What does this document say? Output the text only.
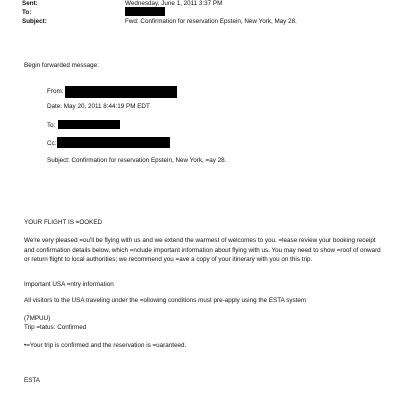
Sent:	Wednesday, June 1, 2011 3:37 PM
To:
Subject:	Fwd: Confirmation for reservation Epstein, New York, May 28.
Begin forwarded message:
From:
Date: May 20, 2011 8:44:19 PM EDT
To:
Cc:
Subject: Confirmation for reservation Epstein, New York, =ay 28.
YOUR FLIGHT IS =OOKED
We're very pleased =ou'll be flying with us and we extend the warmest of welcomes to you. =lease review your booking receipt and confirmation details below, which =nclude important information about flying with us. You may need to show =roof of onward or return flight to local authorities; we recommend you =ave a copy of your itinerary with you on this trip.
Important USA =ntry information
All visitors to the USA traveling under the =ollowing conditions must pre-apply using the ESTA system
(7MPUU)
Trip =tatus: Confirmed
•=Your trip is confirmed and the reservation is =uaranteed.
ESTA
